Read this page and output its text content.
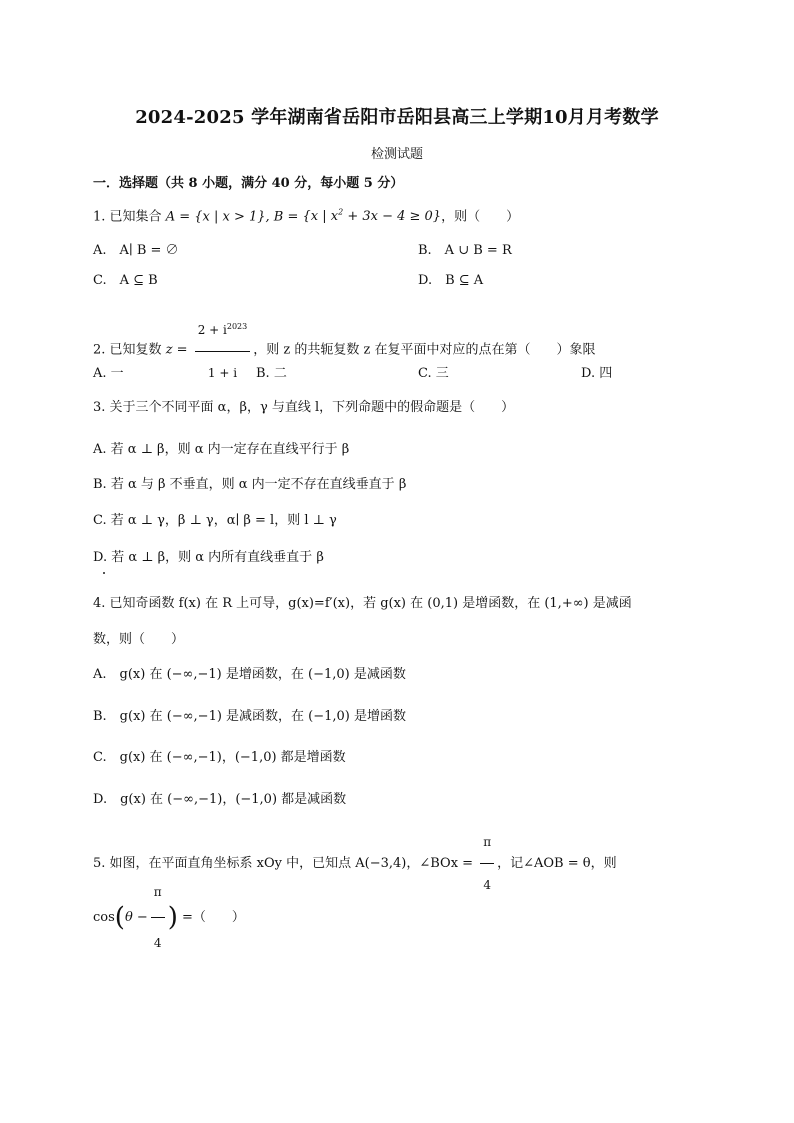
2024-2025 学年湖南省岳阳市岳阳县高三上学期10月月考数学
检测试题
一．选择题（共 8 小题，满分 40 分，每小题 5 分）
1. 已知集合 A = {x | x > 1}, B = {x | $x^2 + 3x - 4 \ge 0$}，则（　　）
A.　A∣ B = ∅	B.　A ∪ B = R
C.　A ⊆ B	D.　B ⊆ A
2. 已知复数 $z = \frac{2 + i^{2023}}{1 + i}$ ，则 z 的共轭复数 z 在复平面中对应的点在第（　　）象限
A. 一	B. 二	C. 三	D. 四
3. 关于三个不同平面 α，β，γ 与直线 l，下列命题中的假命题是（　　）
A. 若 α ⊥ β，则 α 内一定存在直线平行于 β
B. 若 α 与 β 不垂直，则 α 内一定不存在直线垂直于 β
C. 若 α ⊥ γ，β ⊥ γ，α∣ β = l，则 l ⊥ γ
D. 若 α ⊥ β，则 α 内所有直线垂直于 β
4. 已知奇函数 f(x) 在 R 上可导，g(x)=f′(x)，若 g(x) 在 (0,1) 是增函数，在 (1,+∞) 是减函
数，则（　　）
A.　g(x) 在 (−∞,−1) 是增函数，在 (−1,0) 是减函数
B.　g(x) 在 (−∞,−1) 是减函数，在 (−1,0) 是增函数
C.　g(x) 在 (−∞,−1)，(−1,0) 都是增函数
D.　g(x) 在 (−∞,−1)，(−1,0) 都是减函数
5. 如图，在平面直角坐标系 xOy 中，已知点 A(−3,4)，∠BOx = $\frac{\pi}{4}$ ，记∠AOB = θ，则
$\cos(\theta - \frac{\pi}{4}$ ) =（　　）
